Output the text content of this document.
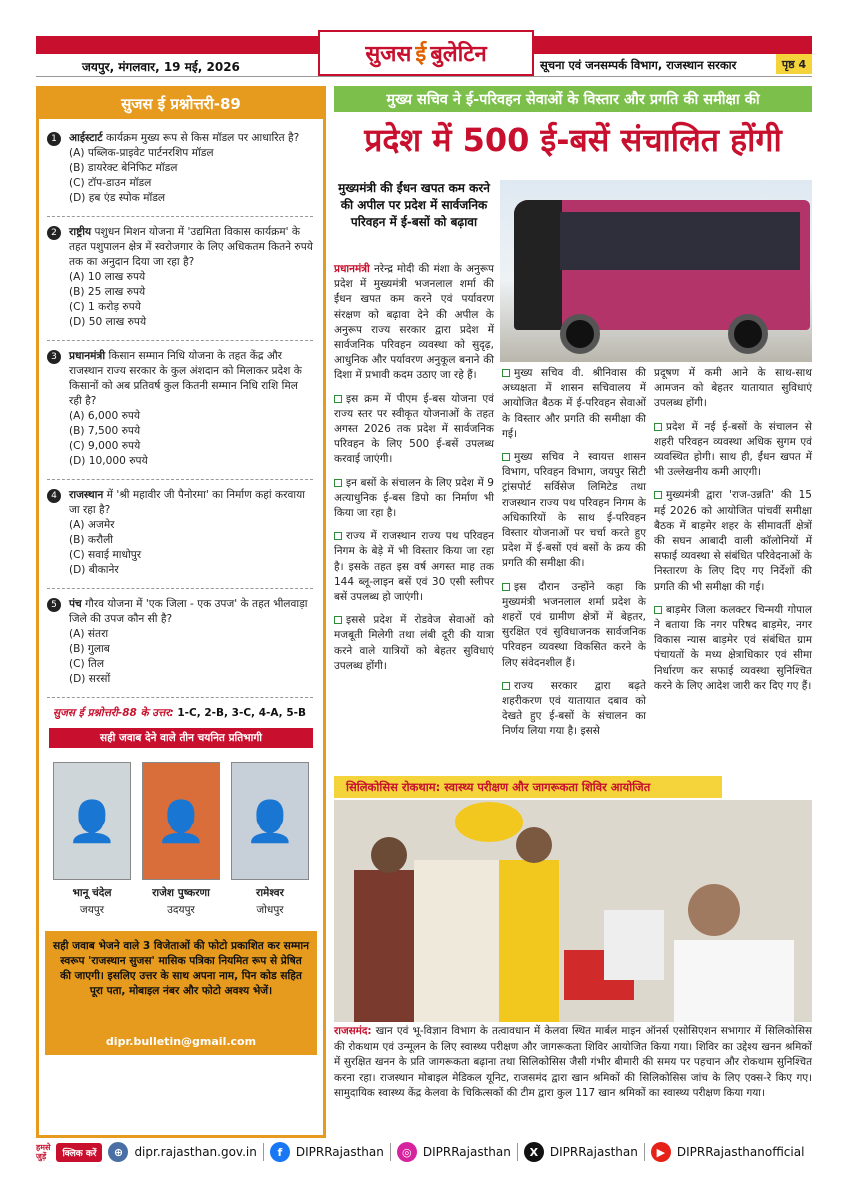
सुजस ई बुलेटिन
जयपुर, मंगलवार, 19 मई, 2026	सूचना एवं जनसम्पर्क विभाग, राजस्थान सरकार	पृष्ठ 4
सुजस ई प्रश्नोत्तरी-89
1	आईस्टार्ट कार्यक्रम मुख्य रूप से किस मॉडल पर आधारित है?
(A) पब्लिक-प्राइवेट पार्टनरशिप मॉडल
(B) डायरेक्ट बेनिफिट मॉडल
(C) टॉप-डाउन मॉडल
(D) हब एंड स्पोक मॉडल
2	राष्ट्रीय पशुधन मिशन योजना में 'उद्यमिता विकास कार्यक्रम' के तहत पशुपालन क्षेत्र में स्वरोजगार के लिए अधिकतम कितने रुपये तक का अनुदान दिया जा रहा है?
(A) 10 लाख रुपये
(B) 25 लाख रुपये
(C) 1 करोड़ रुपये
(D) 50 लाख रुपये
3	प्रधानमंत्री किसान सम्मान निधि योजना के तहत केंद्र और राजस्थान राज्य सरकार के कुल अंशदान को मिलाकर प्रदेश के किसानों को अब प्रतिवर्ष कुल कितनी सम्मान निधि राशि मिल रही है?
(A) 6,000 रुपये
(B) 7,500 रुपये
(C) 9,000 रुपये
(D) 10,000 रुपये
4	राजस्थान में 'श्री महावीर जी पैनोरमा' का निर्माण कहां करवाया जा रहा है?
(A) अजमेर
(B) करौली
(C) सवाई माधोपुर
(D) बीकानेर
5	पंच गौरव योजना में 'एक जिला - एक उपज' के तहत भीलवाड़ा जिले की उपज कौन सी है?
(A) संतरा
(B) गुलाब
(C) तिल
(D) सरसों
सुजस ई प्रश्नोत्तरी-88 के उत्तर: 1-C, 2-B, 3-C, 4-A, 5-B
सही जवाब देने वाले तीन चयनित प्रतिभागी
👤
भानू चंदेल
जयपुर
👤
राजेश पुष्करणा
उदयपुर
👤
रामेश्वर
जोधपुर
सही जवाब भेजने वाले 3 विजेताओं की फोटो प्रकाशित कर सम्मान स्वरूप 'राजस्थान सुजस' मासिक पत्रिका नियमित रूप से प्रेषित की जाएगी। इसलिए उत्तर के साथ अपना नाम, पिन कोड सहित पूरा पता, मोबाइल नंबर और फोटो अवश्य भेजें।
dipr.bulletin@gmail.com
मुख्य सचिव ने ई-परिवहन सेवाओं के विस्तार और प्रगति की समीक्षा की
प्रदेश में 500 ई-बसें संचालित होंगी
मुख्यमंत्री की ईंधन खपत कम करने की अपील पर प्रदेश में सार्वजनिक परिवहन में ई-बसों को बढ़ावा

प्रधानमंत्री नरेन्द्र मोदी की मंशा के अनुरूप प्रदेश में मुख्यमंत्री भजनलाल शर्मा की ईंधन खपत कम करने एवं पर्यावरण संरक्षण को बढ़ावा देने की अपील के अनुरूप राज्य सरकार द्वारा प्रदेश में सार्वजनिक परिवहन व्यवस्था को सुदृढ़, आधुनिक और पर्यावरण अनुकूल बनाने की दिशा में प्रभावी कदम उठाए जा रहे हैं।

इस क्रम में पीएम ई-बस योजना एवं राज्य स्तर पर स्वीकृत योजनाओं के तहत अगस्त 2026 तक प्रदेश में सार्वजनिक परिवहन के लिए 500 ई-बसें उपलब्ध करवाई जाएंगी।

इन बसों के संचालन के लिए प्रदेश में 9 अत्याधुनिक ई-बस डिपो का निर्माण भी किया जा रहा है।

राज्य में राजस्थान राज्य पथ परिवहन निगम के बेड़े में भी विस्तार किया जा रहा है। इसके तहत इस वर्ष अगस्त माह तक 144 ब्लू-लाइन बसें एवं 30 एसी स्लीपर बसें उपलब्ध हो जाएंगी।

इससे प्रदेश में रोडवेज सेवाओं को मजबूती मिलेगी तथा लंबी दूरी की यात्रा करने वाले यात्रियों को बेहतर सुविधाएं उपलब्ध होंगी।

मुख्य सचिव वी. श्रीनिवास की अध्यक्षता में शासन सचिवालय में आयोजित बैठक में ई-परिवहन सेवाओं के विस्तार और प्रगति की समीक्षा की गई।

मुख्य सचिव ने स्वायत्त शासन विभाग, परिवहन विभाग, जयपुर सिटी ट्रांसपोर्ट सर्विसेज लिमिटेड तथा राजस्थान राज्य पथ परिवहन निगम के अधिकारियों के साथ ई-परिवहन विस्तार योजनाओं पर चर्चा करते हुए प्रदेश में ई-बसों एवं बसों के क्रय की प्रगति की समीक्षा की।

इस दौरान उन्होंने कहा कि मुख्यमंत्री भजनलाल शर्मा प्रदेश के शहरों एवं ग्रामीण क्षेत्रों में बेहतर, सुरक्षित एवं सुविधाजनक सार्वजनिक परिवहन व्यवस्था विकसित करने के लिए संवेदनशील हैं।

राज्य सरकार द्वारा बढ़ते शहरीकरण एवं यातायात दबाव को देखते हुए ई-बसों के संचालन का निर्णय लिया गया है। इससे

प्रदूषण में कमी आने के साथ-साथ आमजन को बेहतर यातायात सुविधाएं उपलब्ध होंगी।

प्रदेश में नई ई-बसों के संचालन से शहरी परिवहन व्यवस्था अधिक सुगम एवं व्यवस्थित होगी। साथ ही, ईंधन खपत में भी उल्लेखनीय कमी आएगी।

मुख्यमंत्री द्वारा 'राज-उन्नति' की 15 मई 2026 को आयोजित पांचवीं समीक्षा बैठक में बाड़मेर शहर के सीमावर्ती क्षेत्रों की सघन आबादी वाली कॉलोनियों में सफाई व्यवस्था से संबंधित परिवेदनाओं के निस्तारण के लिए दिए गए निर्देशों की प्रगति की भी समीक्षा की गई।

बाड़मेर जिला कलक्टर चिन्मयी गोपाल ने बताया कि नगर परिषद बाड़मेर, नगर विकास न्यास बाड़मेर एवं संबंधित ग्राम पंचायतों के मध्य क्षेत्राधिकार एवं सीमा निर्धारण कर सफाई व्यवस्था सुनिश्चित करने के लिए आदेश जारी कर दिए गए हैं।

सिलिकोसिस रोकथाम: स्वास्थ्य परीक्षण और जागरूकता शिविर आयोजित
राजसमंद: खान एवं भू-विज्ञान विभाग के तत्वावधान में केलवा स्थित मार्बल माइन ऑनर्स एसोसिएशन सभागार में सिलिकोसिस की रोकथाम एवं उन्मूलन के लिए स्वास्थ्य परीक्षण और जागरूकता शिविर आयोजित किया गया। शिविर का उद्देश्य खनन श्रमिकों में सुरक्षित खनन के प्रति जागरूकता बढ़ाना तथा सिलिकोसिस जैसी गंभीर बीमारी की समय पर पहचान और रोकथाम सुनिश्चित करना रहा। राजस्थान मोबाइल मेडिकल यूनिट, राजसमंद द्वारा खान श्रमिकों की सिलिकोसिस जांच के लिए एक्स-रे किए गए। सामुदायिक स्वास्थ्य केंद्र केलवा के चिकित्सकों की टीम द्वारा कुल 117 खान श्रमिकों का स्वास्थ्य परीक्षण किया गया।
हमसे
जुड़ें	क्लिक करें	⊕ dipr.rajasthan.gov.in	f	DIPRRajasthan	◎ DIPRRajasthan	X DIPRRajasthan	▶ DIPRRajasthanofficial
